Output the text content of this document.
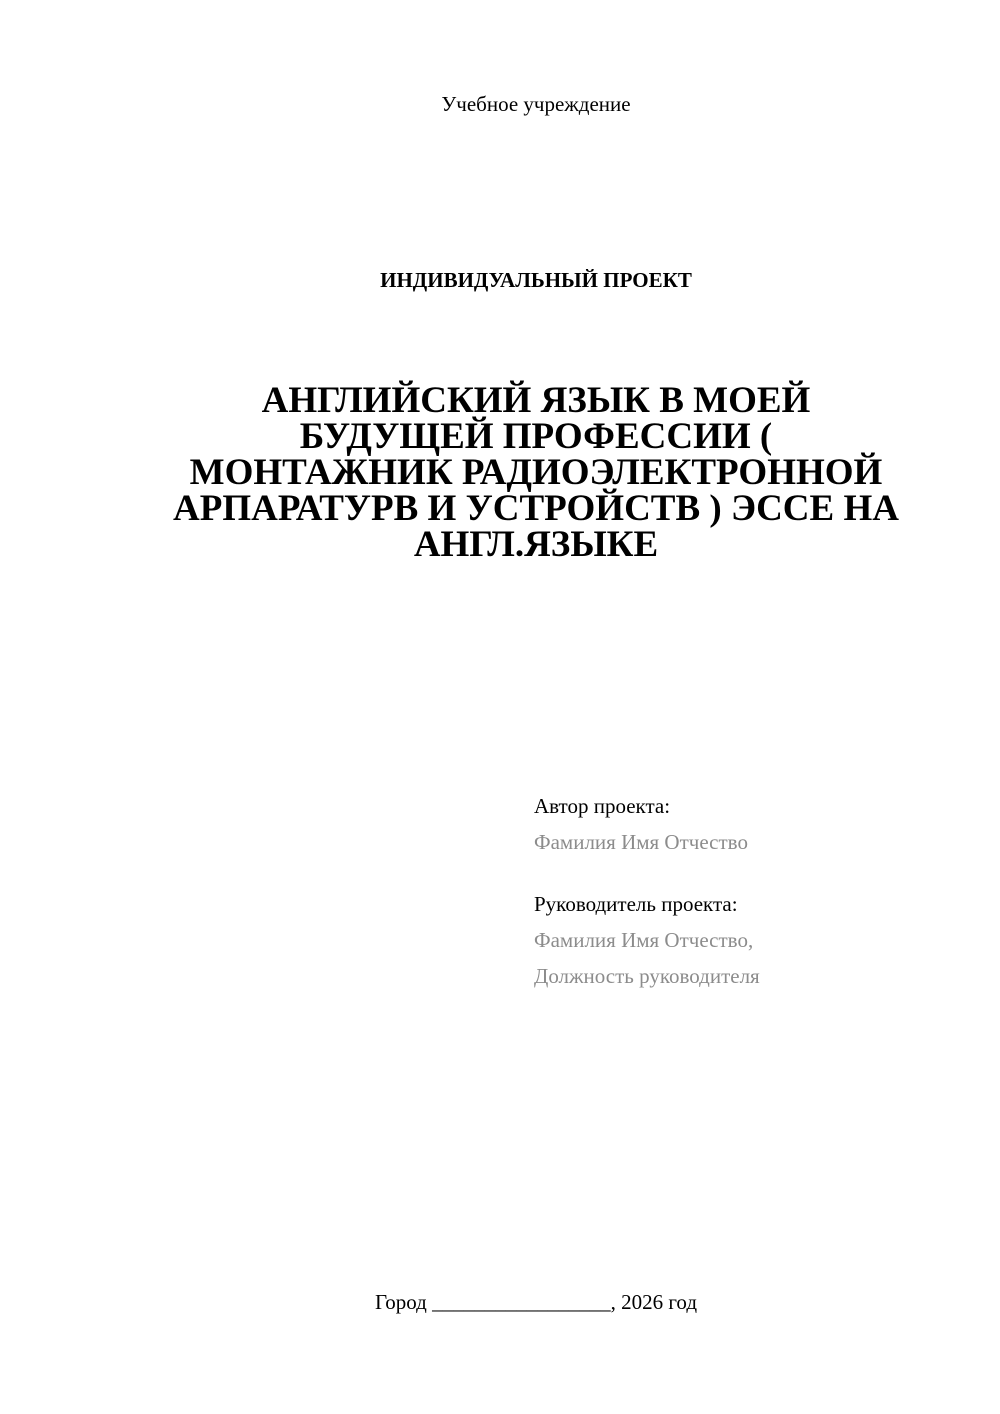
Учебное учреждение
ИНДИВИДУАЛЬНЫЙ ПРОЕКТ
АНГЛИЙСКИЙ ЯЗЫК В МОЕЙ
БУДУЩЕЙ ПРОФЕССИИ (
МОНТАЖНИК РАДИОЭЛЕКТРОННОЙ
АРПАРАТУРВ И УСТРОЙСТВ ) ЭССЕ НА
АНГЛ.ЯЗЫКЕ
Автор проекта:
Фамилия Имя Отчество
Руководитель проекта:
Фамилия Имя Отчество,
Должность руководителя
Город _________________, 2026 год
